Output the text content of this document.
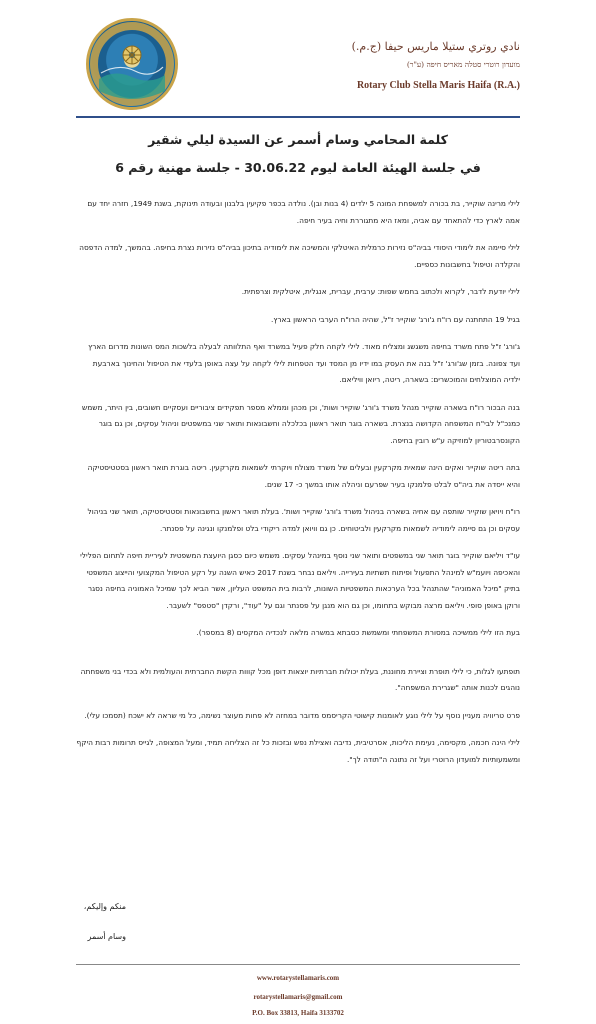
نادي روتري ستيلا ماريس حيفا (ج.م.)
מועדון רוטרי סטלה מאריס חיפה (ע"ר)
Rotary Club Stella Maris Haifa (R.A.)
كلمة المحامي وسام أسمر عن السيدة ليلي شقير
في جلسة الهيئة العامة ليوم 30.06.22 - جلسة مهنية رقم 6

לילי מרינה שוקייר, בת בכורה למשפחת המונה 5 ילדים (4 בנות ובן). נולדה בכפר פקיעין בלבנון ובעודה תינוקת, בשנת 1949, חזרה יחד עם אמה לארץ כדי להתאחד עם אביה, ומאז היא מתגוררת וחיה בעיר חיפה.

לילי סיימה את לימודי היסודי בביה"ס נזירות כרמלית האיטלקי והמשיכה את לימודיה בתיכון בביה"ס נזירות נצרת בחיפה. בהמשך, למדה הדפסה והקלדה וטיפול בחשבונות כספיים.

לילי יודעת לדבר, לקרוא ולכתוב בחמש שפות: ערבית, עברית, אנגלית, איטלקית וצרפתית.

בגיל 19 התחתנה עם רו"ח ג'ורג' שוקייר ז"ל, שהיה הרו"ח הערבי הראשון בארץ.

ג'ורג' ז"ל פתח משרד בחיפה משגשג ומצליח מאוד. לילי לקחה חלק פעיל במשרד ואף התלוותה לבעלה בלשכות המס השונות מדרום הארץ ועד צפונה. בזמן שג'ורג' ז"ל בנה את העסק במו ידיו מן המסד ועד הטפחות לילי לקחה על עצה באופן בלעדי את הטיפול והחינוך בארבעת ילדיה המוצלחים והמוכשרים: בשארה, ריטה, ריואן וויליאם.

בנה הבכור רו"ח בשארה שוקייר מנהל משרד ג'ורג' שוקייר ושות', וכן מכהן וממלא מספר תפקידים ציבוריים ועסקיים חשובים, בין היתר, משמש כמנכ"ל לבי"ח המשפחה הקדושה בנצרת. בשארה בוגר תואר ראשון בכלכלה וחשבונאות ותואר שני במשפטים וניהול עסקים, וכן גם בוגר הקונסרבטוריון למוזיקה ע"ש רובין בחיפה.

בתה ריטה שוקייר ואקים הינה שמאית מקרקעין ובעלים של משרד מצולח ויוקרתי לשמאות מקרקעין. ריטה בוגרת תואר ראשון בסטטיסטיקה והיא ייסדה את ביה"ס לבלט פלמנקו בעיר שפרעם וניהלה אותו במשך כ- 17 שנים.

רו"ח ויויאן שוקייר שותפה עם אחיה בשארה בניהול משרד ג'ורג' שוקייר ושות'. בעלת תואר ראשון בחשבונאות וסטטיסטיקה, תואר שני בניהול עסקים וכן גם סיימה לימודיה לשמאות מקרקעין ולביטוחים. כן גם וויואן למדה ריקודי בלט ופלמנקו ונגינה על פסנתר.

עו"ד ויליאם שוקייר בוגר תואר שני במשפטים ותואר שני נוסף במינהל עסקים. משמש כיום כסגן היועצת המשפטית לעיריית חיפה לתחום הפלילי והאכיפה ויועמ"ש למינהל התפעול ופיתוח תשתיות בעירייה. ויליאם נבחר בשנת 2017 כאיש השנה על רקע הטיפול המקצועי והייצוג המשפטי בתיק "מיכל האמוניה" שהתנהל בכל הערכאות המשפטיות השונות, לרבות בית המשפט העליון, אשר הביא לכך שמיכל האמוניה בחיפה נסגר ורוקן באופן סופי. ויליאם מרצה מבוקש בתחומו, וכן גם הוא מנגן על פסנתר וגם על "עוד", ורקדן "סטפס" לשעבר.

בעת הזו לילי ממשיכה במסורת המשפחתי ומשמשת כסבתא במשרה מלאה לנכדיה המקסים (8 במספר).

תופתעו לגלות, כי לילי תופרת וציירת מחוננת, בעלת יכולות חברתיות יוצאות דופן מכל קווות הקשת החברתית והעולמית ולא בכדי בני משפחתה נוהגים לכנות אותה "שגרירת המשפחה".

פרט טריוויה מעניין נוסף על לילי נוגע לאומנות קישוטי הקריסמס מדובר במחזה לא פחות מעוצר נשימה, כל מי שראה לא ישכח (תסמכו עלי).

לילי הינה חכמה, מקסימה, נעימת הליכות, אסרטיבית, נדיבה ואצילת נפש ובזכות כל זה הצליחה תמיד, ומעל המצופה, לגייס תרומות רבות היקף ומשמעותיות למועדון הרוטרי ועל זה נתונה ה"תודה לך".

منكم وإليكم،
وسام أسمر
www.rotarystellamaris.com
rotarystellamaris@gmail.com
P.O. Box 33813, Haifa 3133702
